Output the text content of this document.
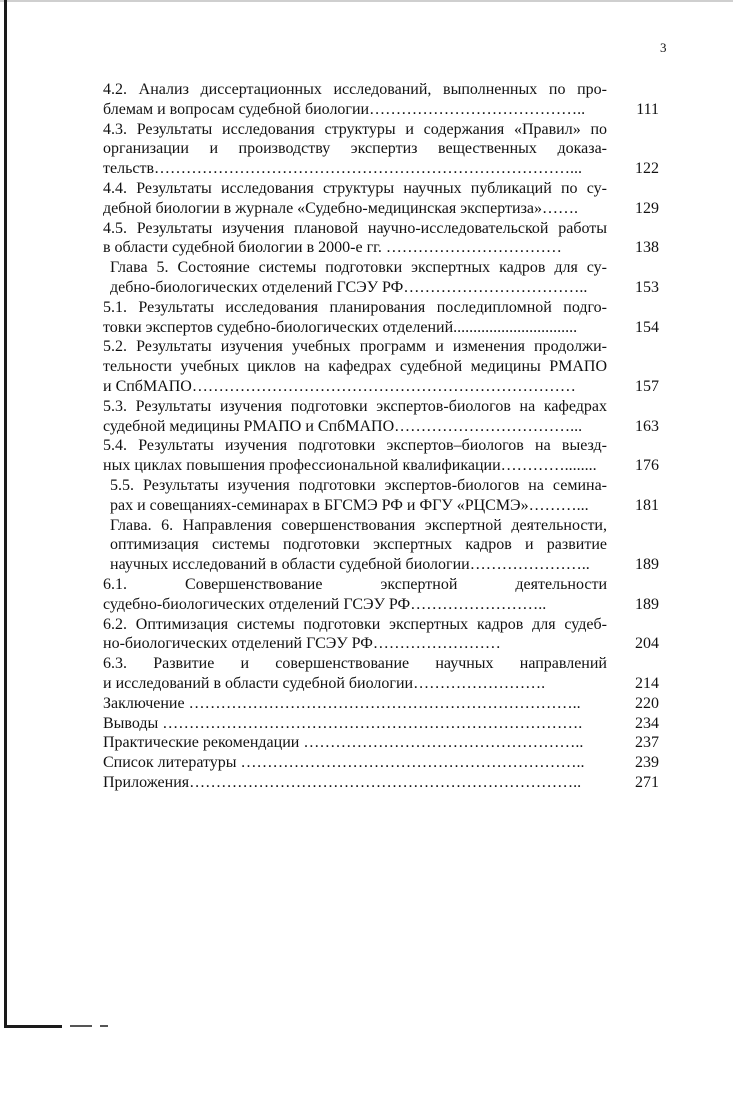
3
4.2. Анализ диссертационных исследований, выполненных по про-
блемам и вопросам судебной биологии…………………………………..	111
4.3. Результаты исследования структуры и содержания «Правил» по
организации и производству экспертиз вещественных доказа-
тельств……………………………………………………………………...	122
4.4. Результаты исследования структуры научных публикаций по су-
дебной биологии в журнале «Судебно-медицинская экспертиза»…….	129
4.5. Результаты изучения плановой научно-исследовательской работы
в области судебной биологии в 2000-е гг. ……………………………	138
Глава 5. Состояние системы подготовки экспертных кадров для су-
дебно-биологических отделений ГСЭУ РФ……………………………..	153
5.1. Результаты исследования планирования последипломной подго-
товки экспертов судебно-биологических отделений...............................	154
5.2. Результаты изучения учебных программ и изменения продолжи-
тельности учебных циклов на кафедрах судебной медицины РМАПО
и СпбМАПО………………………………………………………………	157
5.3. Результаты изучения подготовки экспертов-биологов на кафедрах
судебной медицины РМАПО и СпбМАПО……………………………...	163
5.4. Результаты изучения подготовки экспертов–биологов на выезд-
ных циклах повышения профессиональной квалификации…………........	176
5.5. Результаты изучения подготовки экспертов-биологов на семина-
рах и совещаниях-семинарах в БГСМЭ РФ и ФГУ «РЦСМЭ»………...	181
Глава. 6. Направления совершенствования экспертной деятельности,
оптимизация системы подготовки экспертных кадров и развитие
научных исследований в области судебной биологии…………………..	189
6.1. Совершенствование экспертной деятельности
судебно-биологических отделений ГСЭУ РФ……………………..	189
6.2. Оптимизация системы подготовки экспертных кадров для судеб-
но-биологических отделений ГСЭУ РФ……………………	204
6.3. Развитие и совершенствование научных направлений
и исследований в области судебной биологии…………………….	214
Заключение ………………………………………………………………..	220
Выводы …………………………………………………………………….	234
Практические рекомендации ……………………………………………..	237
Список литературы ………………………………………………………..	239
Приложения………………………………………………………………..	271
